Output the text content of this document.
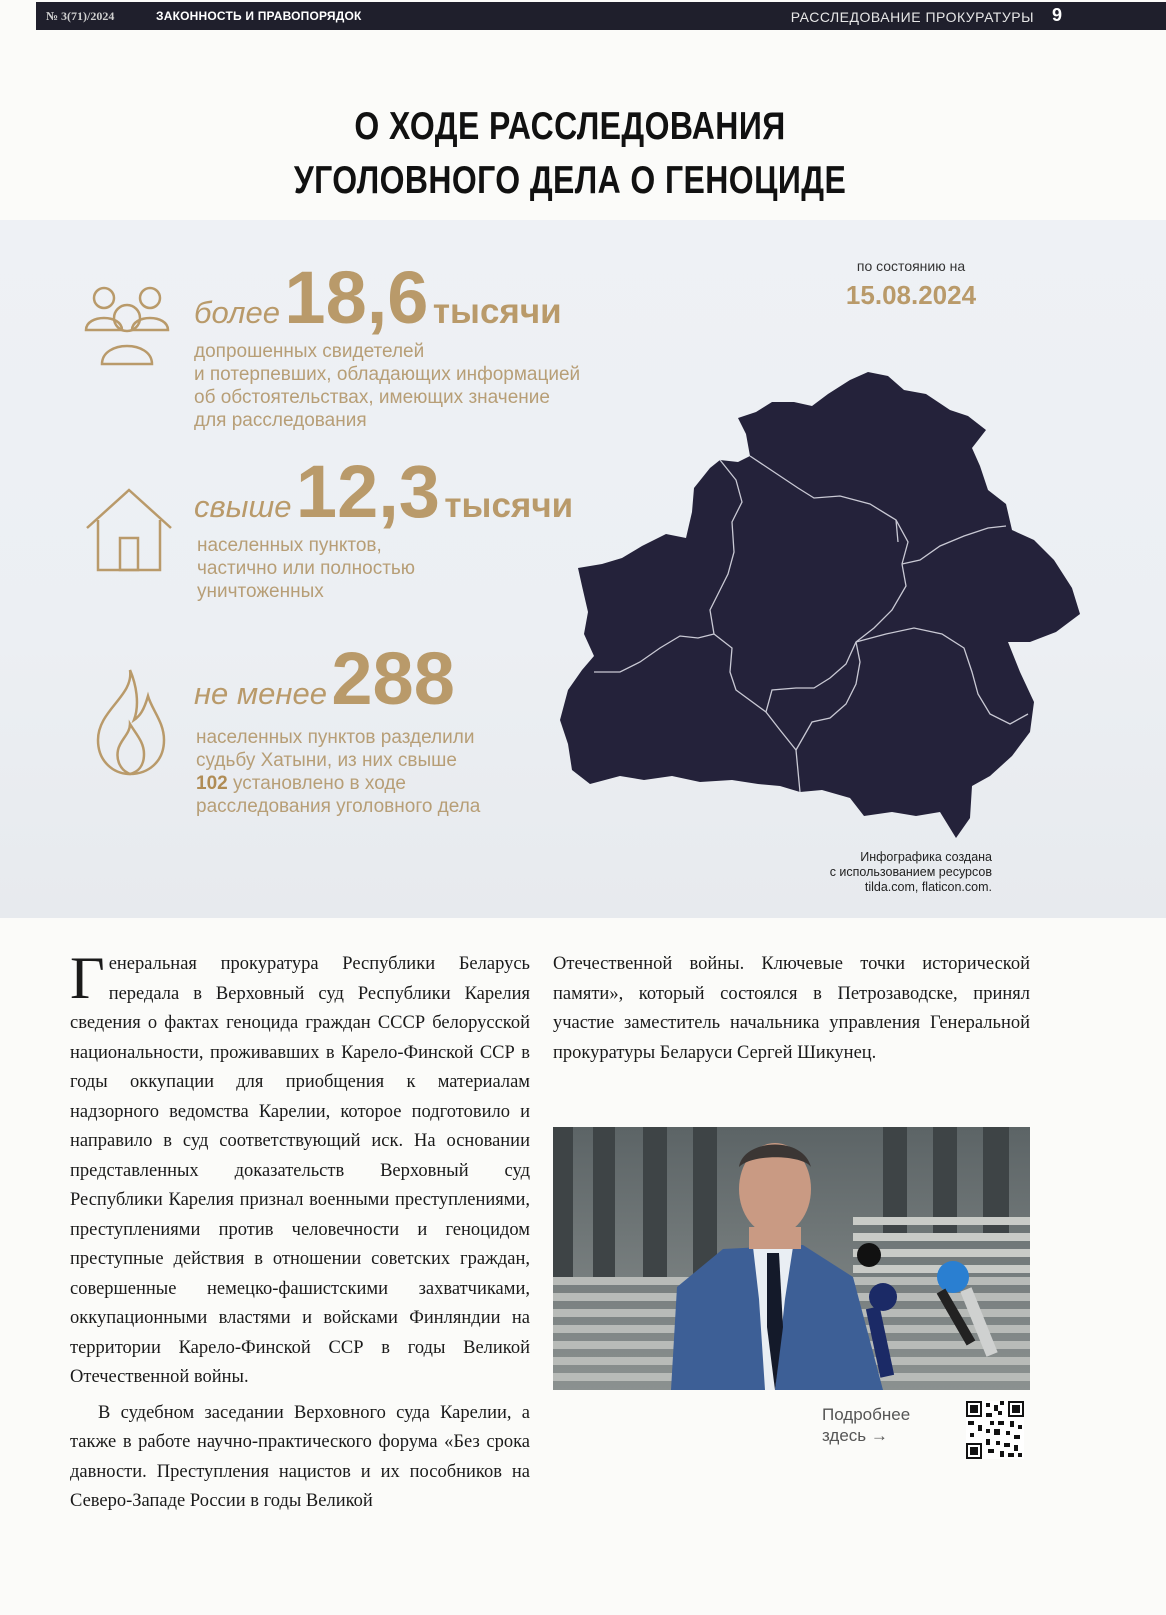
№ 3(71)/2024	ЗАКОННОСТЬ И ПРАВОПОРЯДОК	РАССЛЕДОВАНИЕ ПРОКУРАТУРЫ 9
О ХОДЕ РАССЛЕДОВАНИЯ
УГОЛОВНОГО ДЕЛА О ГЕНОЦИДЕ
более 18,6 тысячи
допрошенных свидетелей
и потерпевших, обладающих информацией
об обстоятельствах, имеющих значение
для расследования
свыше 12,3 тысячи
населенных пунктов,
частично или полностью
уничтоженных
не менее 288
населенных пунктов разделили
судьбу Хатыни, из них свыше
102 установлено в ходе
расследования уголовного дела
по состоянию на
15.08.2024
Инфографика создана
с использованием ресурсов
tilda.com, flaticon.com.

Генеральная прокуратура Республики Беларусь передала в Верховный суд Республики Карелия сведения о фактах геноцида граждан СССР белорусской национальности, проживавших в Карело-Финской ССР в годы оккупации для приобщения к материалам надзорного ведомства Карелии, которое подготовило и направило в суд соответствующий иск. На основании представленных доказательств Верховный суд Республики Карелия признал военными преступлениями, преступлениями против человечности и геноцидом преступные действия в отношении советских граждан, совершенные немецко-фашистскими захватчиками, оккупационными властями и войсками Финляндии на территории Карело-Финской ССР в годы Великой Отечественной войны.

В судебном заседании Верховного суда Карелии, а также в работе научно-практического форума «Без срока давности. Преступления нацистов и их пособников на Северо-Западе России в годы Великой

Отечественной войны. Ключевые точки исторической памяти», который состоялся в Петрозаводске, принял участие заместитель начальника управления Генеральной прокуратуры Беларуси Сергей Шикунец.

Подробнее
здесь →
